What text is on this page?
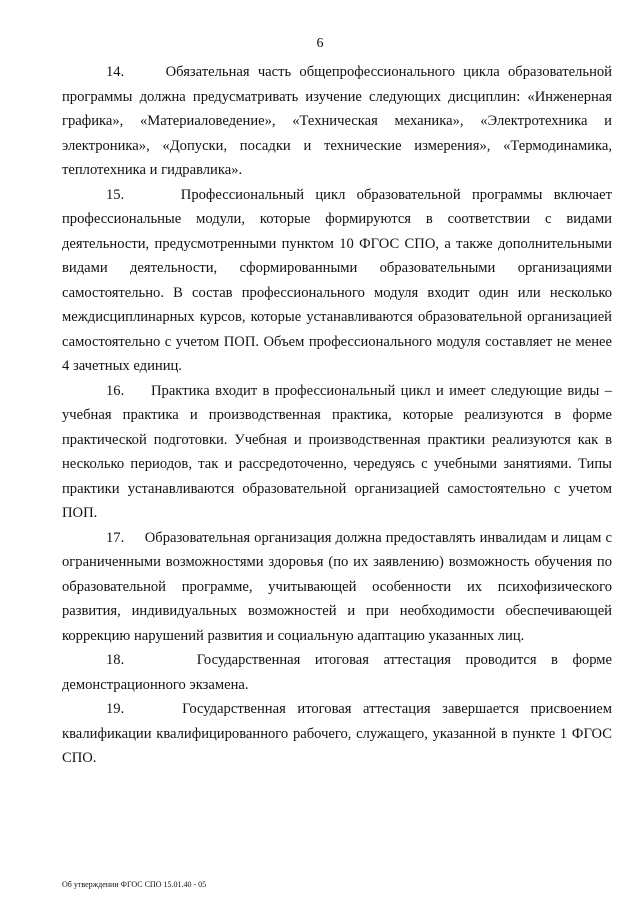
6

14.	Обязательная часть общепрофессионального цикла образовательной программы должна предусматривать изучение следующих дисциплин: «Инженерная графика», «Материаловедение», «Техническая механика», «Электротехника и электроника», «Допуски, посадки и технические измерения», «Термодинамика, теплотехника и гидравлика».

15.	Профессиональный цикл образовательной программы включает профессиональные модули, которые формируются в соответствии с видами деятельности, предусмотренными пунктом 10 ФГОС СПО, а также дополнительными видами деятельности, сформированными образовательными организациями самостоятельно. В состав профессионального модуля входит один или несколько междисциплинарных курсов, которые устанавливаются образовательной организацией самостоятельно с учетом ПОП. Объем профессионального модуля составляет не менее 4 зачетных единиц.

16. Практика входит в профессиональный цикл и имеет следующие виды – учебная практика и производственная практика, которые реализуются в форме практической подготовки. Учебная и производственная практики реализуются как в несколько периодов, так и рассредоточенно, чередуясь с учебными занятиями. Типы практики устанавливаются образовательной организацией самостоятельно с учетом ПОП.

17. Образовательная организация должна предоставлять инвалидам и лицам с ограниченными возможностями здоровья (по их заявлению) возможность обучения по образовательной программе, учитывающей особенности их психофизического развития, индивидуальных возможностей и при необходимости обеспечивающей коррекцию нарушений развития и социальную адаптацию указанных лиц.

18.	Государственная итоговая аттестация проводится в форме демонстрационного экзамена.

19.	Государственная итоговая аттестация завершается присвоением квалификации квалифицированного рабочего, служащего, указанной в пункте 1 ФГОС СПО.

Об утверждении ФГОС СПО 15.01.40 - 05
